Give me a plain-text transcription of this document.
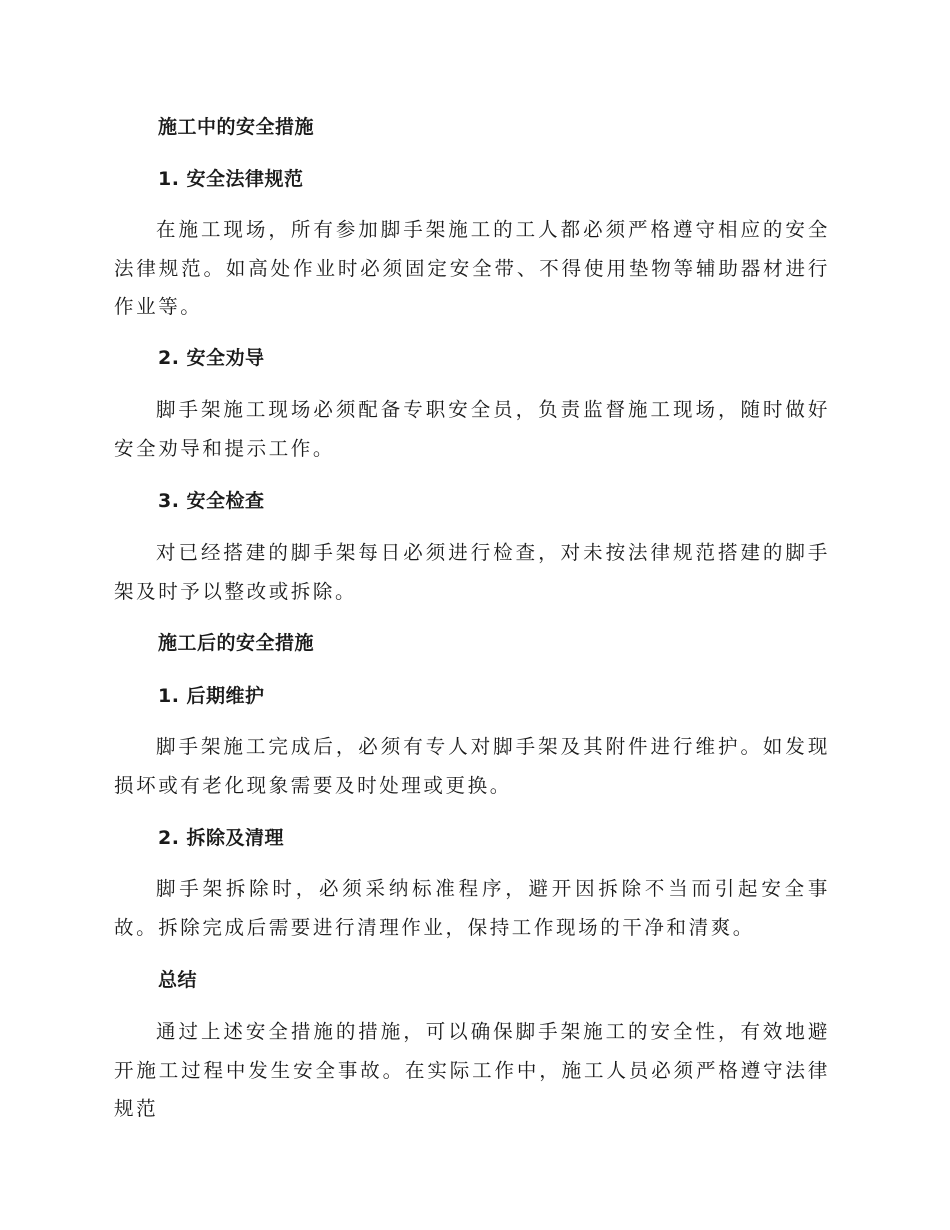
施工中的安全措施
1. 安全法律规范

在施工现场，所有参加脚手架施工的工人都必须严格遵守相应的安全法律规范。如高处作业时必须固定安全带、不得使用垫物等辅助器材进行作业等。

2. 安全劝导

脚手架施工现场必须配备专职安全员，负责监督施工现场，随时做好安全劝导和提示工作。

3. 安全检查

对已经搭建的脚手架每日必须进行检查，对未按法律规范搭建的脚手架及时予以整改或拆除。

施工后的安全措施
1. 后期维护

脚手架施工完成后，必须有专人对脚手架及其附件进行维护。如发现损坏或有老化现象需要及时处理或更换。

2. 拆除及清理

脚手架拆除时，必须采纳标准程序，避开因拆除不当而引起安全事故。拆除完成后需要进行清理作业，保持工作现场的干净和清爽。

总结

通过上述安全措施的措施，可以确保脚手架施工的安全性，有效地避开施工过程中发生安全事故。在实际工作中，施工人员必须严格遵守法律规范
